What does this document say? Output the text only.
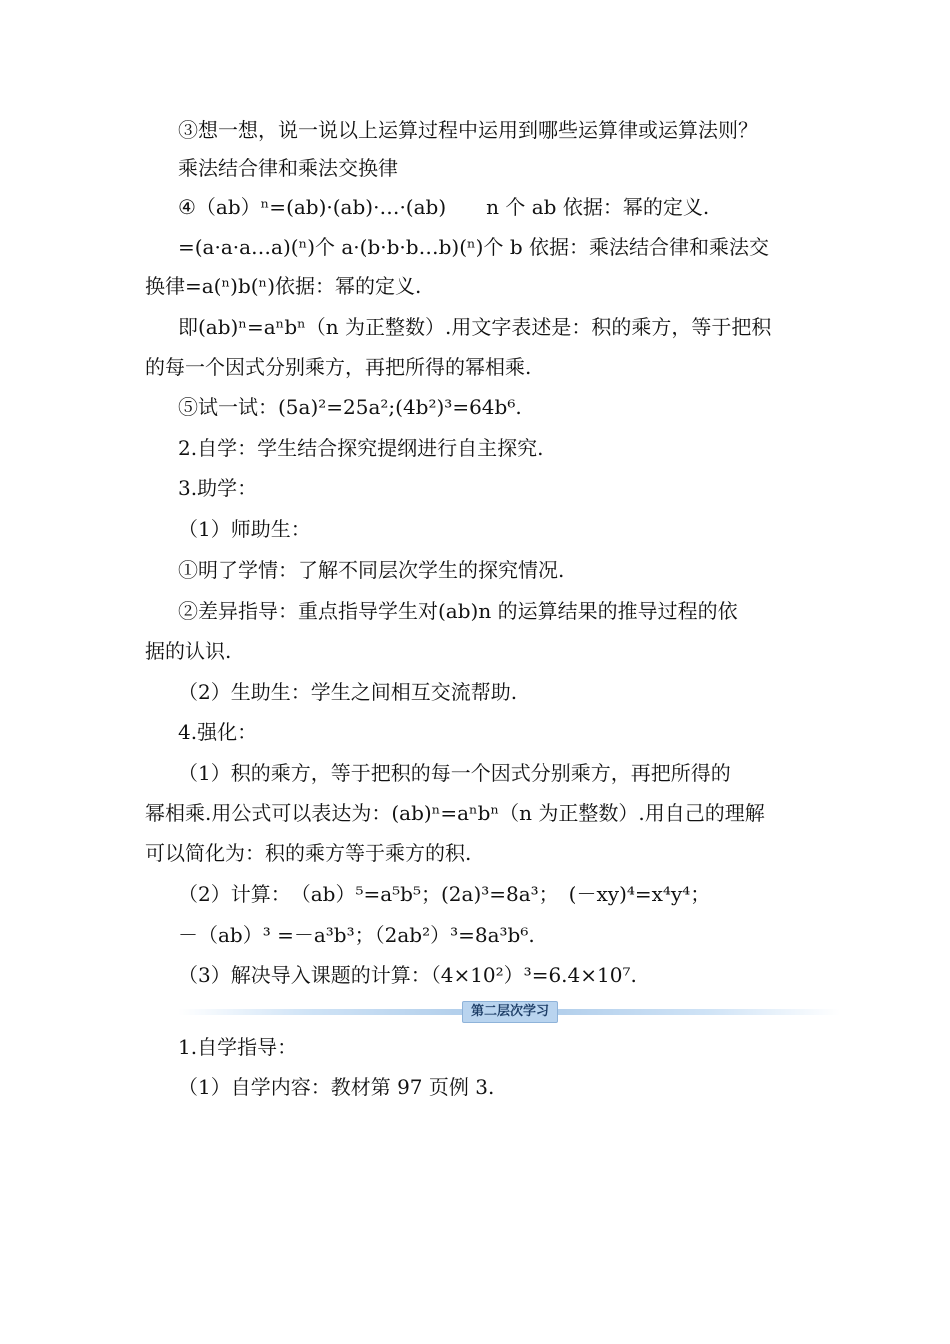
③想一想，说一说以上运算过程中运用到哪些运算律或运算法则？
乘法结合律和乘法交换律
④（ab）ⁿ=(ab)·(ab)·…·(ab)　　n 个 ab 依据：幂的定义.
=(a·a·a…a)(ⁿ)个 a·(b·b·b…b)(ⁿ)个 b 依据：乘法结合律和乘法交
换律=a(ⁿ)b(ⁿ)依据：幂的定义.
即(ab)ⁿ=aⁿbⁿ（n 为正整数）.用文字表述是：积的乘方，等于把积
的每一个因式分别乘方，再把所得的幂相乘.
⑤试一试：(5a)²=25a²;(4b²)³=64b⁶.
2.自学：学生结合探究提纲进行自主探究.
3.助学：
（1）师助生：
①明了学情：了解不同层次学生的探究情况.
②差异指导：重点指导学生对(ab)n 的运算结果的推导过程的依
据的认识.
（2）生助生：学生之间相互交流帮助.
4.强化：
（1）积的乘方，等于把积的每一个因式分别乘方，再把所得的
幂相乘.用公式可以表达为：(ab)ⁿ=aⁿbⁿ（n 为正整数）.用自己的理解
可以简化为：积的乘方等于乘方的积.
（2）计算：　（ab）⁵=a⁵b⁵；(2a)³=8a³；　(－xy)⁴=x⁴y⁴；
－（ab）³ =－a³b³；（2ab²）³=8a³b⁶.
（3）解决导入课题的计算：（4×10²）³=6.4×10⁷.
第二层次学习
1.自学指导：
（1）自学内容：教材第 97 页例 3.
